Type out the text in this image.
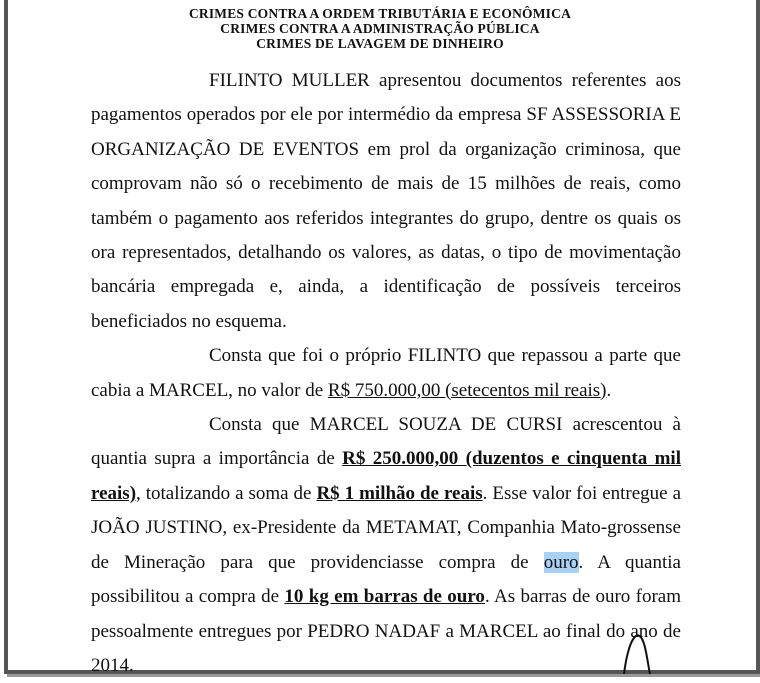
CRIMES CONTRA A ORDEM TRIBUTÁRIA E ECONÔMICA
CRIMES CONTRA A ADMINISTRAÇÃO PÚBLICA
CRIMES DE LAVAGEM DE DINHEIRO

FILINTO MULLER apresentou documentos referentes aos pagamentos operados por ele por intermédio da empresa SF ASSESSORIA E ORGANIZAÇÃO DE EVENTOS em prol da organização criminosa, que comprovam não só o recebimento de mais de 15 milhões de reais, como também o pagamento aos referidos integrantes do grupo, dentre os quais os ora representados, detalhando os valores, as datas, o tipo de movimentação bancária empregada e, ainda, a identificação de possíveis terceiros beneficiados no esquema.

Consta que foi o próprio FILINTO que repassou a parte que cabia a MARCEL, no valor de R$ 750.000,00 (setecentos mil reais).

Consta que MARCEL SOUZA DE CURSI acrescentou à quantia supra a importância de R$ 250.000,00 (duzentos e cinquenta mil reais), totalizando a soma de R$ 1 milhão de reais. Esse valor foi entregue a JOÃO JUSTINO, ex-Presidente da METAMAT, Companhia Mato-grossense de Mineração para que providenciasse compra de ouro. A quantia possibilitou a compra de 10 kg em barras de ouro. As barras de ouro foram pessoalmente entregues por PEDRO NADAF a MARCEL ao final do ano de 2014.
